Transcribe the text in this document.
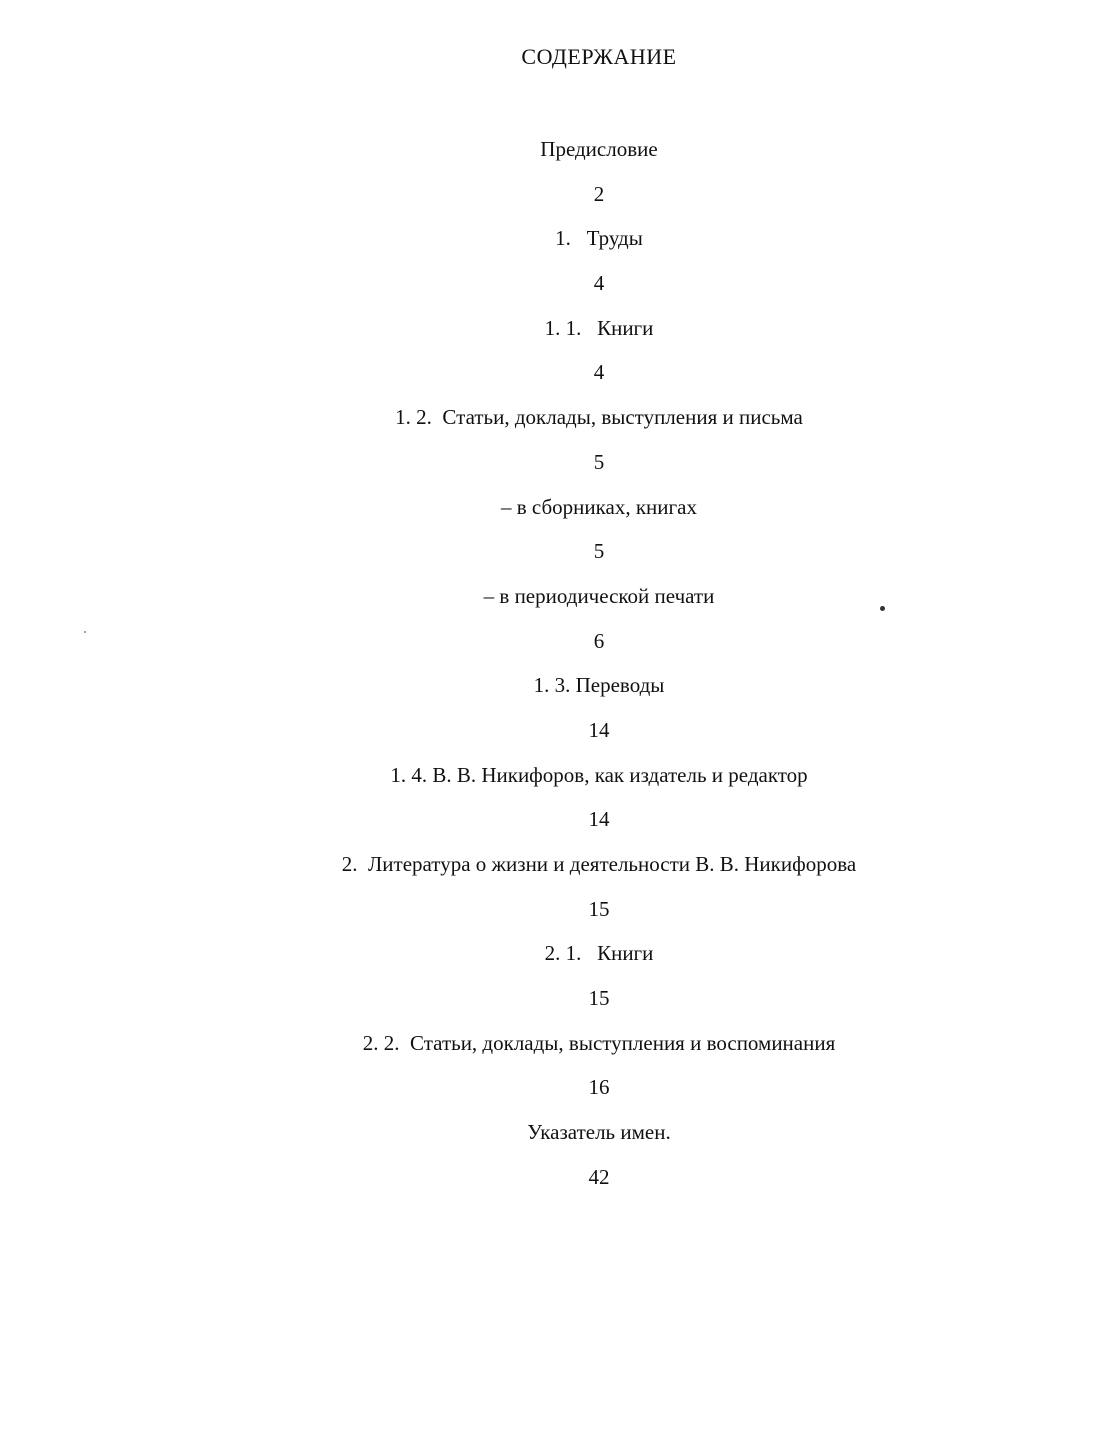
СОДЕРЖАНИЕ
Предисловие
2
1.   Труды
4
1. 1.   Книги
4
1. 2.  Статьи, доклады, выступления и письма
5
– в сборниках, книгах
5
– в периодической печати
6
1. 3. Переводы
14
1. 4. В. В. Никифоров, как издатель и редактор
14
2.  Литература о жизни и деятельности В. В. Никифорова
15
2. 1.   Книги
15
2. 2.  Статьи, доклады, выступления и воспоминания
16
Указатель имен.
42
